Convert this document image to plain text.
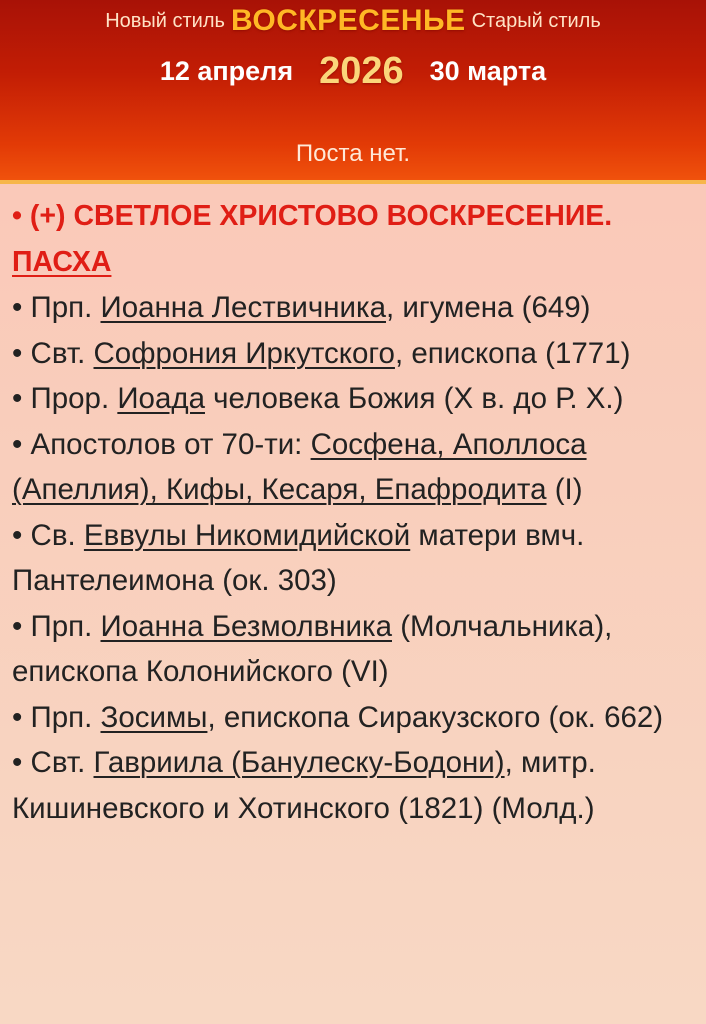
Новый стиль ВОСКРЕСЕНЬЕ Старый стиль
12 апреля 2026 30 марта
Поста нет.
• (+) СВЕТЛОЕ ХРИСТОВО ВОСКРЕСЕНИЕ. ПАСХА
• Прп. Иоанна Лествичника, игумена (649)
• Свт. Софрония Иркутского, епископа (1771)
• Прор. Иоада человека Божия (X в. до Р. X.)
• Апостолов от 70-ти: Сосфена, Аполлоса (Апеллия), Кифы, Кесаря, Епафродита (I)
• Св. Еввулы Никомидийской матери вмч. Пантелеимона (ок. 303)
• Прп. Иоанна Безмолвника (Молчальника), епископа Колонийского (VI)
• Прп. Зосимы, епископа Сиракузского (ок. 662)
• Свт. Гавриила (Банулеску-Бодони), митр. Кишиневского и Хотинского (1821) (Молд.)
